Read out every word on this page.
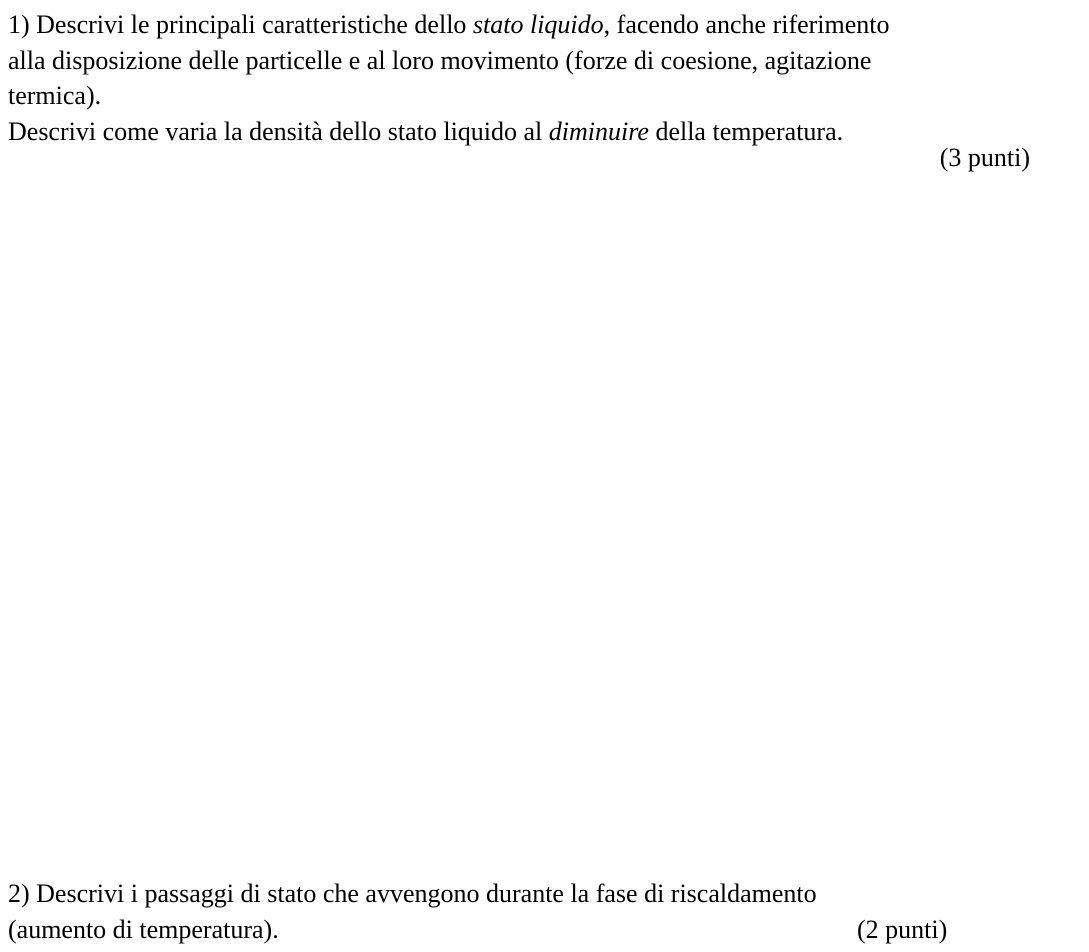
1) Descrivi le principali caratteristiche dello stato liquido, facendo anche riferimento
alla disposizione delle particelle e al loro movimento (forze di coesione, agitazione
termica).
Descrivi come varia la densità dello stato liquido al diminuire della temperatura.
(3 punti)
2) Descrivi i passaggi di stato che avvengono durante la fase di riscaldamento
(aumento di temperatura).	(2 punti)
